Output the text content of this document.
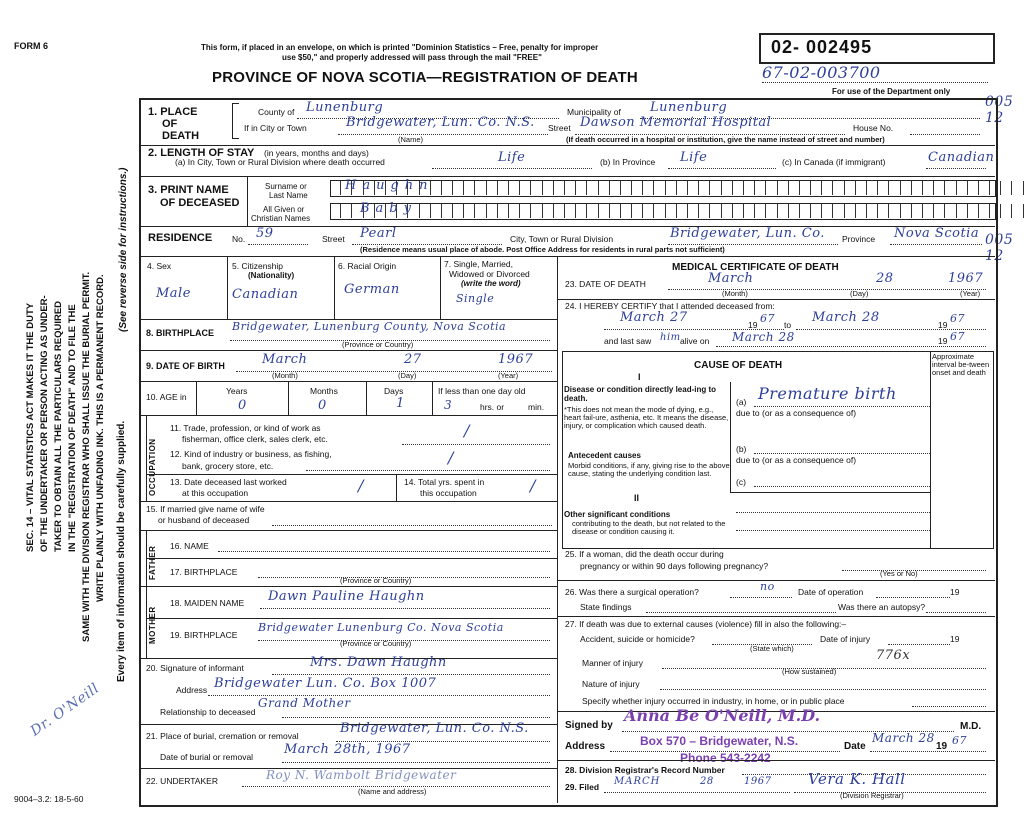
FORM 6	This form, if placed in an envelope, on which is printed "Dominion Statistics – Free, penalty for improper
use $50," and properly addressed will pass through the mail "FREE"
PROVINCE OF NOVA SCOTIA—REGISTRATION OF DEATH
02- 002495
67-02-003700
For use of the Department only
005
12
005
12
SEC. 14 – VITAL STATISTICS ACT MAKES IT THE DUTY OF THE UNDERTAKER OR PERSON ACTING AS UNDER- TAKER TO OBTAIN ALL THE PARTICULARS REQUIRED IN THE "REGISTRATION OF DEATH" AND TO FILE THE SAME WITH THE DIVISION REGISTRAR WHO SHALL ISSUE THE BURIAL PERMIT. WRITE PLAINLY WITH UNFADING INK. THIS IS A PERMANENT RECORD.
(See reverse side for instructions.)
Every item of information should be carefully supplied.
Dr. O'Neill
9004–3.2: 18-5-60
1. PLACE
OF
DEATH
County of Lunenburg	Municipality of Lunenburg
If in City or Town	Bridgewater, Lun. Co. N.S. Street Dawson Memorial Hospital	House No.
(Name)	(If death occurred in a hospital or institution, give the name instead of street and number)
2. LENGTH OF STAY (in years, months and days)
(a) In City, Town or Rural Division where death occurred	Life	(b) In Province Life	(c) In Canada (if immigrant)	Canadian
3. PRINT NAME
OF DECEASED
Surname or
Last Name
All Given or
Christian Names
Haughn
Baby
RESIDENCE No. 59	Street Pearl	City, Town or Rural Division	Bridgewater, Lun. Co. Province Nova Scotia
(Residence means usual place of abode. Post Office Address for residents in rural parts not sufficient)
4. Sex
Male
5. Citizenship
(Nationality)
Canadian
6. Racial Origin
German
7. Single, Married,
Widowed or Divorced
(write the word)
Single
8. BIRTHPLACE Bridgewater, Lunenburg County, Nova Scotia
(Province or Country)
9. DATE OF BIRTH	March	27	1967
(Month)	(Day)	(Year)
10. AGE in
Years	Months	Days
0	0	1
If less than one day old
3	hrs. or	min.
OCCUPATION
11. Trade, profession, or kind of work as
fisherman, office clerk, sales clerk, etc.	/
12. Kind of industry or business, as fishing,
bank, grocery store, etc.	/
13. Date deceased last worked
at this occupation	/	14. Total yrs. spent in
this occupation	/
15. If married give name of wife
or husband of deceased
FATHER 16. NAME
17. BIRTHPLACE
(Province or Country)
MOTHER
18. MAIDEN NAME Dawn Pauline Haughn
19. BIRTHPLACE
Bridgewater Lunenburg Co. Nova Scotia
(Province or Country)
20. Signature of informant	Mrs. Dawn Haughn
Address Bridgewater Lun. Co. Box 1007
Relationship to deceased
Grand Mother
21. Place of burial, cremation or removal	Bridgewater, Lun. Co. N.S.
Date of burial or removal March 28th, 1967
22. UNDERTAKER	Roy N. Wambolt Bridgewater
(Name and address)
MEDICAL CERTIFICATE OF DEATH
23. DATE OF DEATH	March	28	1967
(Month)	(Day)	(Year)
24. I HEREBY CERTIFY that I attended deceased from:
March 27	19 67 to March 28	19 67
and last saw him alive on March 28	19 67
CAUSE OF DEATH
Approximate interval be-tween onset and death
I
Disease or condition directly lead-ing to death.
*This does not mean the mode of dying, e.g., heart fail-ure, asthenia, etc. It means the disease, injury, or complication which caused death.
(a) Premature birth
due to (or as a consequence of)
Antecedent causes
Morbid conditions, if any, giving rise to the above cause, stating the underlying condition last.
(b)
due to (or as a consequence of)
(c)
II
Other significant conditions
contributing to the death, but not related to the disease or condition causing it.
25. If a woman, did the death occur during
pregnancy or within 90 days following pregnancy?
(Yes or No)
26. Was there a surgical operation?	no	Date of operation	19
State findings	Was there an autopsy?
27. If death was due to external causes (violence) fill in also the following:–
Accident, suicide or homicide?	Date of injury	19
(State which)
Manner of injury	776x
(How sustained)
Nature of injury
Specify whether injury occurred in industry, in home, or in public place
Signed by
Anna Be O'Neill, M.D.
M.D.
Address	Box 570 – Bridgewater, N.S.	Date
March 28
19 67
Phone 543-2242
28. Division Registrar's Record Number
29. Filed MARCH	28	1967 Vera K. Hall
(Division Registrar)
